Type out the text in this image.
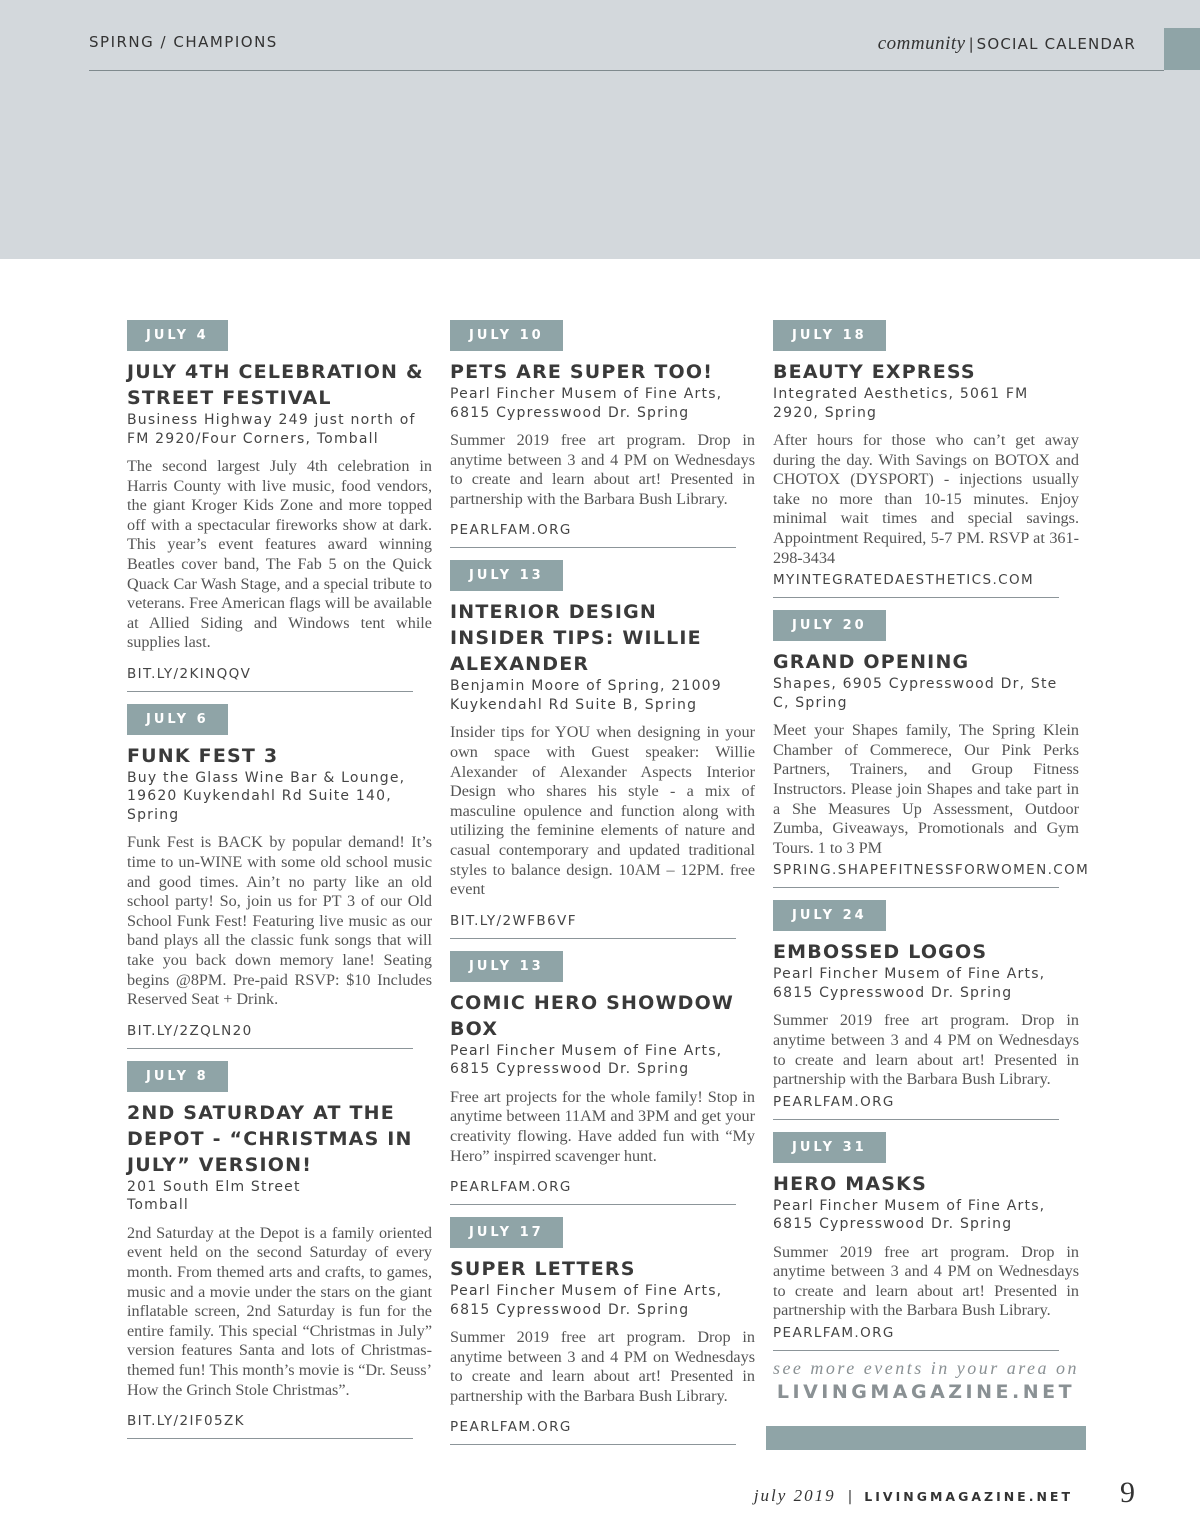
SPIRNG / CHAMPIONS	community | SOCIAL CALENDAR
JULY 4
JULY 4TH CELEBRATION & STREET FESTIVAL
Business Highway 249 just north of FM 2920/Four Corners, Tomball
The second largest July 4th celebration in Harris County with live music, food vendors, the giant Kroger Kids Zone and more topped off with a spectacular fireworks show at dark. This year’s event features award winning Beatles cover band, The Fab 5 on the Quick Quack Car Wash Stage, and a special tribute to veterans. Free American flags will be available at Allied Siding and Windows tent while supplies last.
BIT.LY/2KINQQV
JULY 6
FUNK FEST 3
Buy the Glass Wine Bar & Lounge, 19620 Kuykendahl Rd Suite 140, Spring
Funk Fest is BACK by popular demand! It’s time to un-WINE with some old school music and good times. Ain’t no party like an old school party! So, join us for PT 3 of our Old School Funk Fest! Featuring live music as our band plays all the classic funk songs that will take you back down memory lane! Seating begins @8PM. Pre-paid RSVP: $10 Includes Reserved Seat + Drink.
BIT.LY/2ZQLN20
JULY 8
2ND SATURDAY AT THE DEPOT - “CHRISTMAS IN JULY” VERSION!
201 South Elm Street
Tomball
2nd Saturday at the Depot is a family oriented event held on the second Saturday of every month. From themed arts and crafts, to games, music and a movie under the stars on the giant inflatable screen, 2nd Saturday is fun for the entire family. This special “Christmas in July” version features Santa and lots of Christmas-themed fun! This month’s movie is “Dr. Seuss’ How the Grinch Stole Christmas”.
BIT.LY/2IF05ZK
JULY 10
PETS ARE SUPER TOO!
Pearl Fincher Musem of Fine Arts, 6815 Cypresswood Dr. Spring
Summer 2019 free art program. Drop in anytime between 3 and 4 PM on Wednesdays to create and learn about art! Presented in partnership with the Barbara Bush Library.
PEARLFAM.ORG
JULY 13
INTERIOR DESIGN INSIDER TIPS: WILLIE ALEXANDER
Benjamin Moore of Spring, 21009 Kuykendahl Rd Suite B, Spring
Insider tips for YOU when designing in your own space with Guest speaker: Willie Alexander of Alexander Aspects Interior Design who shares his style - a mix of masculine opulence and function along with utilizing the feminine elements of nature and casual contemporary and updated traditional styles to balance design. 10AM – 12PM. free event
BIT.LY/2WFB6VF
JULY 13
COMIC HERO SHOWDOW BOX
Pearl Fincher Musem of Fine Arts, 6815 Cypresswood Dr. Spring
Free art projects for the whole family! Stop in anytime between 11AM and 3PM and get your creativity flowing. Have added fun with “My Hero” inspirred scavenger hunt.
PEARLFAM.ORG
JULY 17
SUPER LETTERS
Pearl Fincher Musem of Fine Arts, 6815 Cypresswood Dr. Spring
Summer 2019 free art program. Drop in anytime between 3 and 4 PM on Wednesdays to create and learn about art! Presented in partnership with the Barbara Bush Library.
PEARLFAM.ORG
JULY 18
BEAUTY EXPRESS
Integrated Aesthetics, 5061 FM 2920, Spring
After hours for those who can’t get away during the day. With Savings on BOTOX and CHOTOX (DYSPORT) - injections usually take no more than 10-15 minutes. Enjoy minimal wait times and special savings. Appointment Required, 5-7 PM. RSVP at 361-298-3434
MYINTEGRATEDAESTHETICS.COM
JULY 20
GRAND OPENING
Shapes, 6905 Cypresswood Dr, Ste C, Spring
Meet your Shapes family, The Spring Klein Chamber of Commerece, Our Pink Perks Partners, Trainers, and Group Fitness Instructors. Please join Shapes and take part in a She Measures Up Assessment, Outdoor Zumba, Giveaways, Promotionals and Gym Tours. 1 to 3 PM
SPRING.SHAPEFITNESSFORWOMEN.COM
JULY 24
EMBOSSED LOGOS
Pearl Fincher Musem of Fine Arts, 6815 Cypresswood Dr. Spring
Summer 2019 free art program. Drop in anytime between 3 and 4 PM on Wednesdays to create and learn about art! Presented in partnership with the Barbara Bush Library.
PEARLFAM.ORG
JULY 31
HERO MASKS
Pearl Fincher Musem of Fine Arts,
6815 Cypresswood Dr. Spring
Summer 2019 free art program. Drop in anytime between 3 and 4 PM on Wednesdays to create and learn about art! Presented in partnership with the Barbara Bush Library.
PEARLFAM.ORG
see more events in your area on
LIVINGMAGAZINE.NET
july 2019 | LIVINGMAGAZINE.NET 9
